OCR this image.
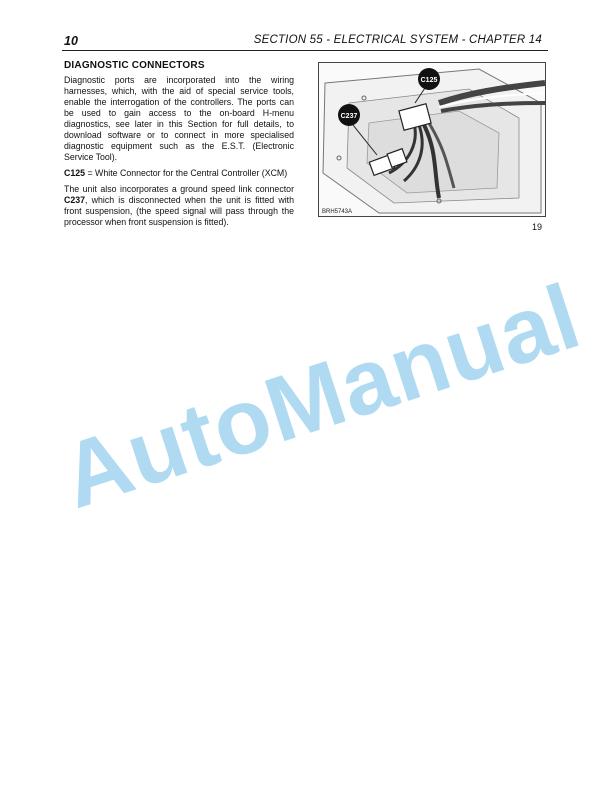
10	SECTION 55 - ELECTRICAL SYSTEM - CHAPTER 14

DIAGNOSTIC CONNECTORS

Diagnostic ports are incorporated into the wiring harnesses, which, with the aid of special service tools, enable the interrogation of the controllers. The ports can be used to gain access to the on-board H-menu diagnostics, see later in this Section for full details, to download software or to connect in more specialised diagnostic equipment such as the E.S.T. (Electronic Service Tool).

C125 = White Connector for the Central Controller (XCM)

The unit also incorporates a ground speed link connector C237, which is disconnected when the unit is fitted with front suspension, (the speed signal will pass through the processor when front suspension is fitted).

C125
C237
BRH5743A
19
AutoManual
